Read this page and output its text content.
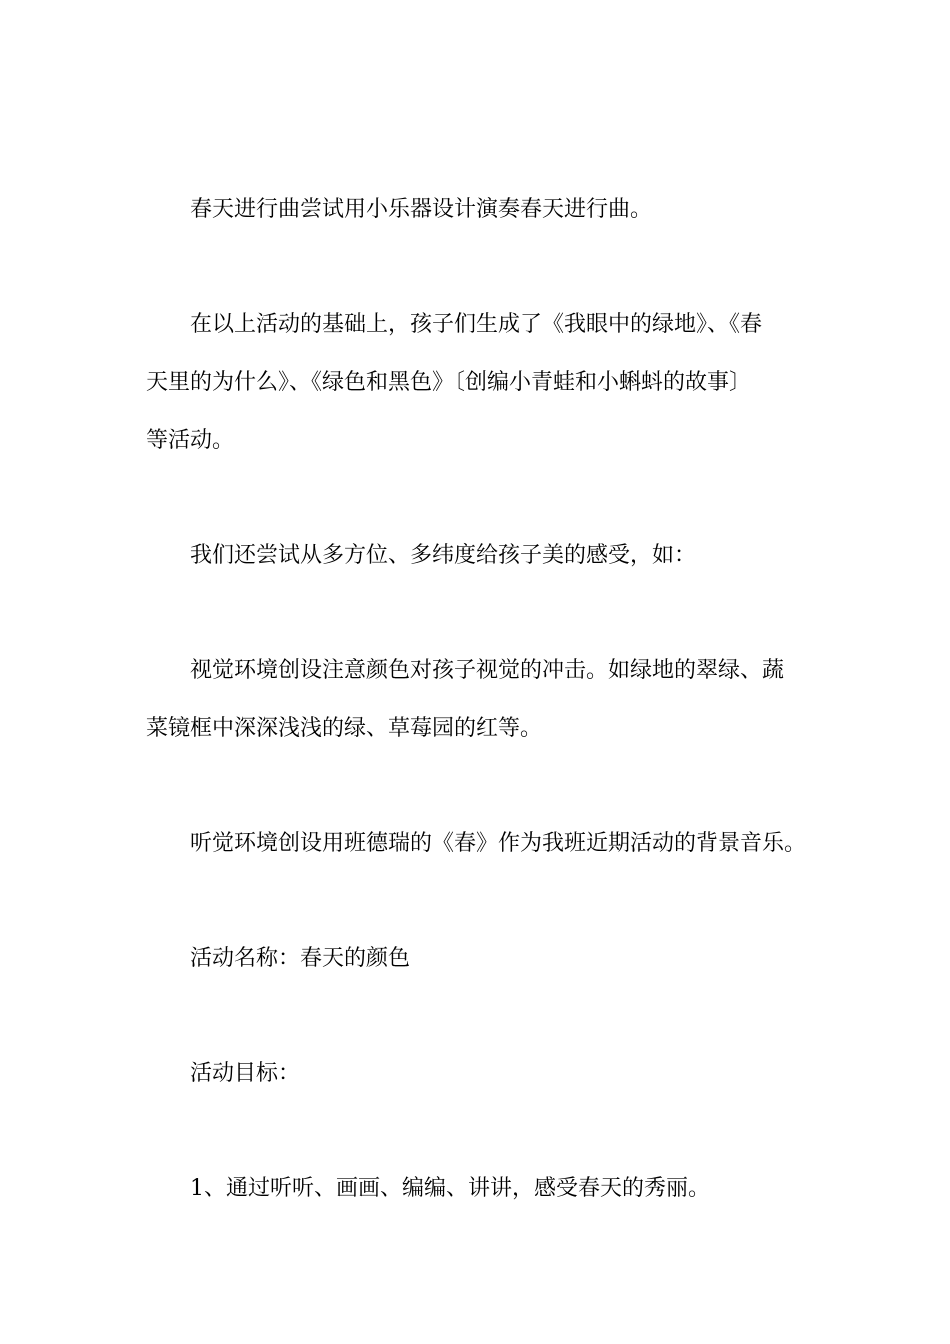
春天进行曲尝试用小乐器设计演奏春天进行曲。
在以上活动的基础上，孩子们生成了《我眼中的绿地》、《春
天里的为什么》、《绿色和黑色》〔创编小青蛙和小蝌蚪的故事〕
等活动。
我们还尝试从多方位、多纬度给孩子美的感受，如：
视觉环境创设注意颜色对孩子视觉的冲击。如绿地的翠绿、蔬
菜镜框中深深浅浅的绿、草莓园的红等。
听觉环境创设用班德瑞的《春》作为我班近期活动的背景音乐。
活动名称：春天的颜色
活动目标：
1、通过听听、画画、编编、讲讲，感受春天的秀丽。
